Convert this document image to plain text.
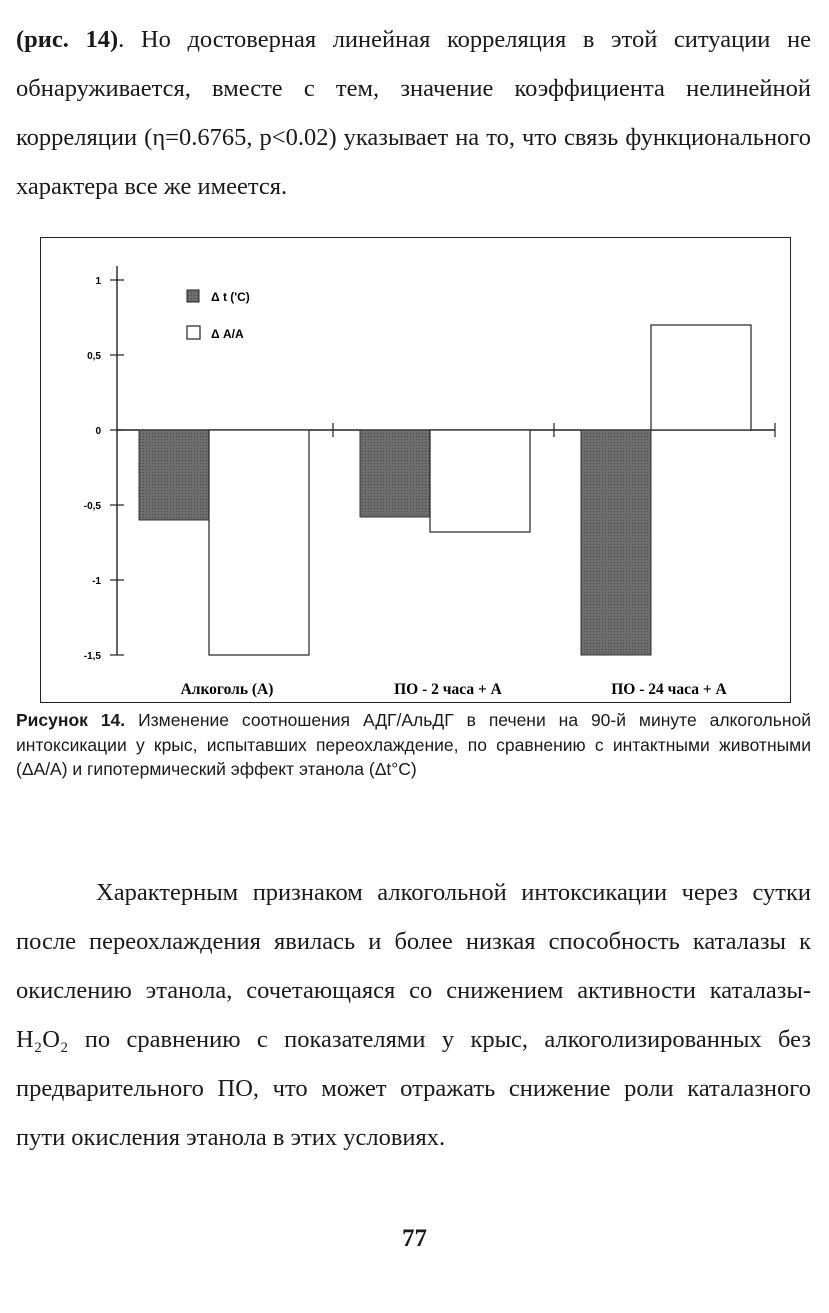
(рис. 14). Но достоверная линейная корреляция в этой ситуации не обнаруживается, вместе с тем, значение коэффициента нелинейной корреляции (η=0.6765, p<0.02) указывает на то, что связь функционального характера все же имеется.

1
0,5
0
-0,5
-1
-1,5
Алкоголь (А)	ПО - 2 часа + А	ПО - 24 часа + А
Δ t ('C)
Δ A/A

Рисунок 14. Изменение соотношения АДГ/АльДГ в печени на 90-й минуте алкогольной интоксикации у крыс, испытавших переохлаждение, по сравнению с интактными животными (ΔA/A) и гипотермический эффект этанола (Δt°C)

Характерным признаком алкогольной интоксикации через сутки после переохлаждения явилась и более низкая способность каталазы к окислению этанола, сочетающаяся со снижением активности каталазы-H₂O₂ по сравнению с показателями у крыс, алкоголизированных без предварительного ПО, что может отражать снижение роли каталазного пути окисления этанола в этих условиях.

77
